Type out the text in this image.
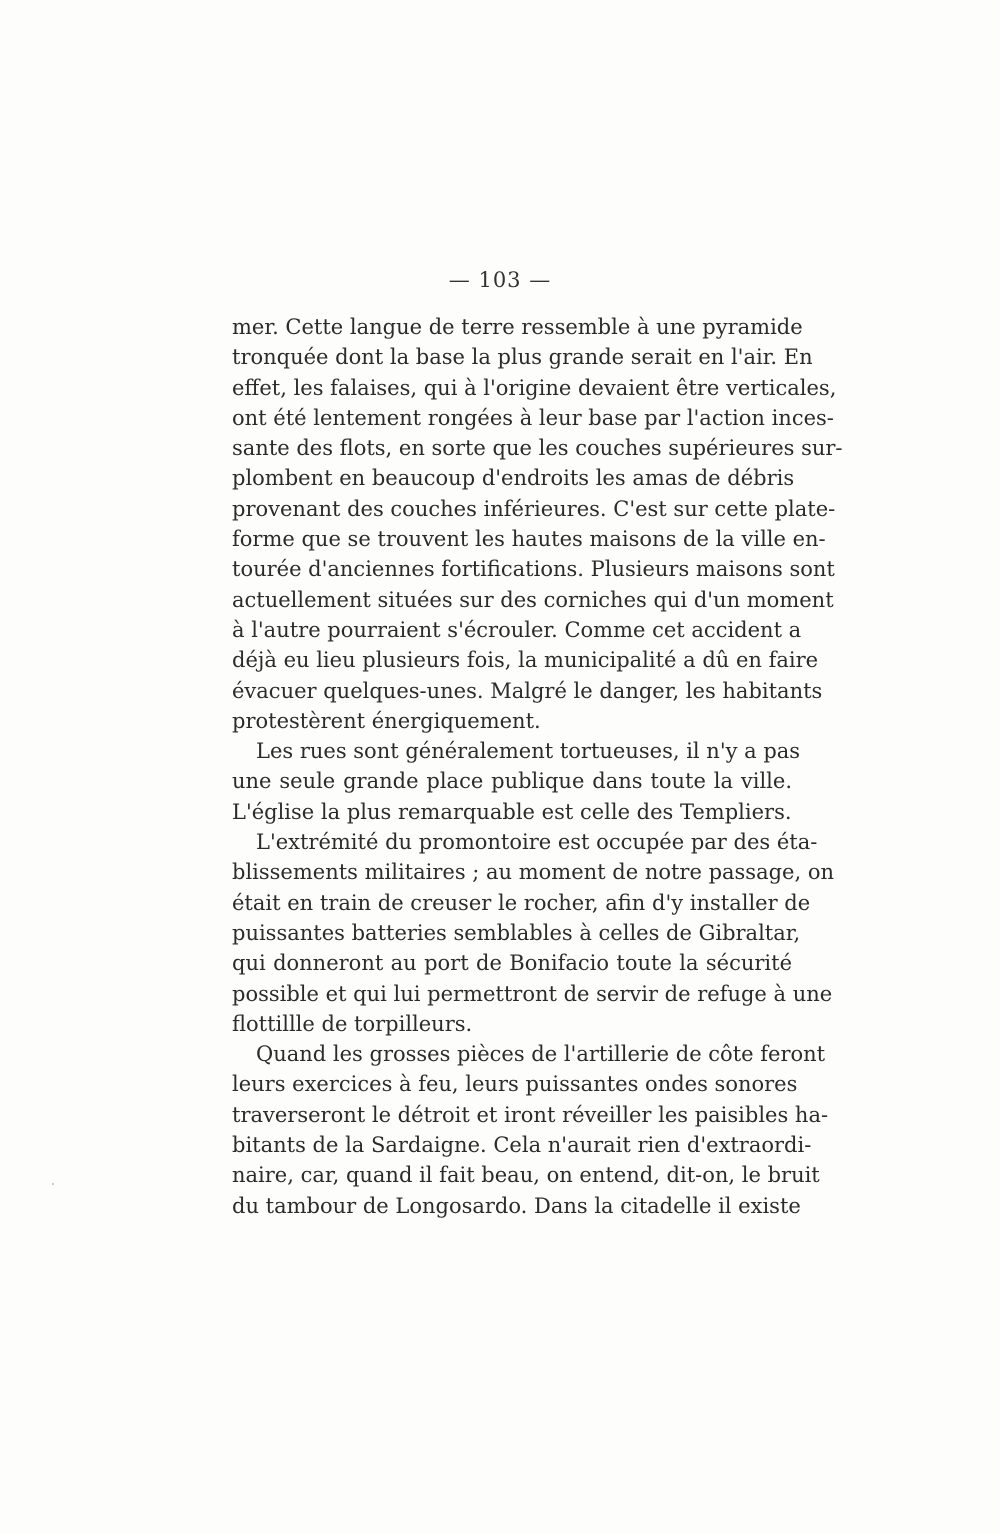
— 103 —
mer. Cette langue de terre ressemble à une pyramide
tronquée dont la base la plus grande serait en l'air. En
effet, les falaises, qui à l'origine devaient être verticales,
ont été lentement rongées à leur base par l'action inces-
sante des flots, en sorte que les couches supérieures sur-
plombent en beaucoup d'endroits les amas de débris
provenant des couches inférieures. C'est sur cette plate-
forme que se trouvent les hautes maisons de la ville en-
tourée d'anciennes fortifications. Plusieurs maisons sont
actuellement situées sur des corniches qui d'un moment
à l'autre pourraient s'écrouler. Comme cet accident a
déjà eu lieu plusieurs fois, la municipalité a dû en faire
évacuer quelques-unes. Malgré le danger, les habitants
protestèrent énergiquement.
Les rues sont généralement tortueuses, il n'y a pas
une seule grande place publique dans toute la ville.
L'église la plus remarquable est celle des Templiers.
L'extrémité du promontoire est occupée par des éta-
blissements militaires ; au moment de notre passage, on
était en train de creuser le rocher, afin d'y installer de
puissantes batteries semblables à celles de Gibraltar,
qui donneront au port de Bonifacio toute la sécurité
possible et qui lui permettront de servir de refuge à une
flottillle de torpilleurs.
Quand les grosses pièces de l'artillerie de côte feront
leurs exercices à feu, leurs puissantes ondes sonores
traverseront le détroit et iront réveiller les paisibles ha-
bitants de la Sardaigne. Cela n'aurait rien d'extraordi-
naire, car, quand il fait beau, on entend, dit-on, le bruit
du tambour de Longosardo. Dans la citadelle il existe
